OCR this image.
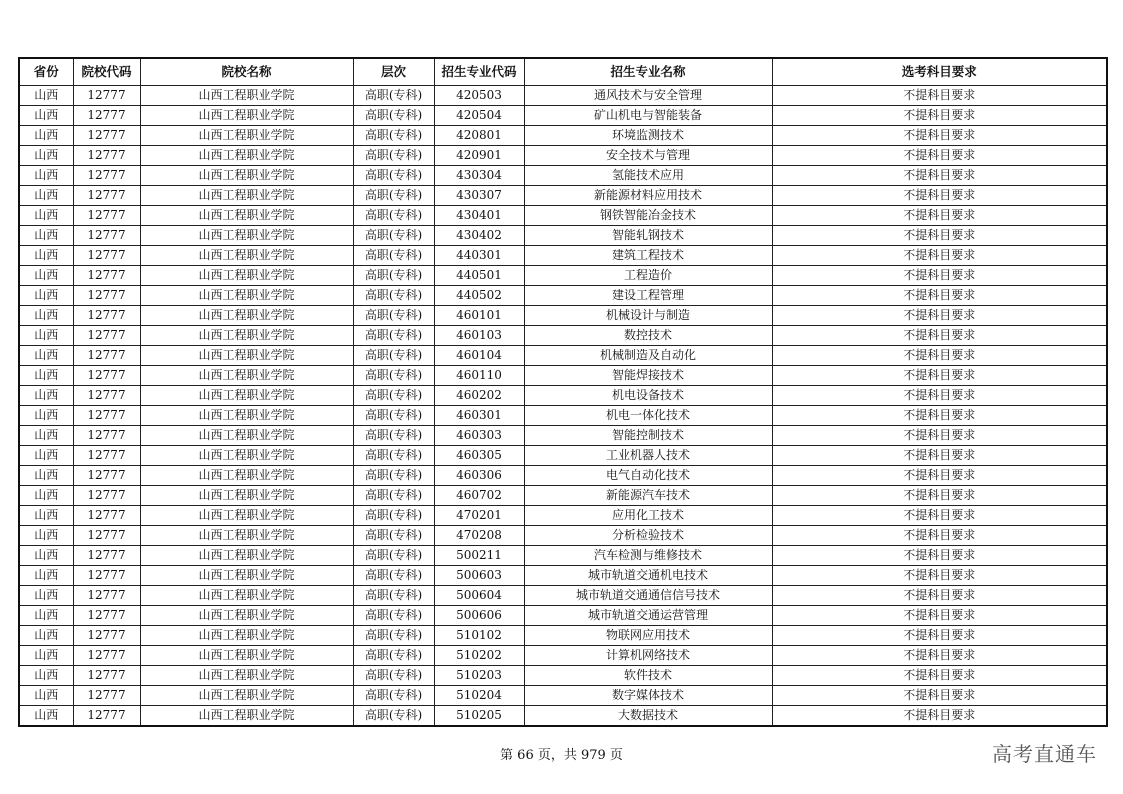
省份	院校代码	院校名称	层次	招生专业代码	招生专业名称	选考科目要求
山西	12777	山西工程职业学院	高职(专科)	420503	通风技术与安全管理	不提科目要求
山西	12777	山西工程职业学院	高职(专科)	420504	矿山机电与智能装备	不提科目要求
山西	12777	山西工程职业学院	高职(专科)	420801	环境监测技术	不提科目要求
山西	12777	山西工程职业学院	高职(专科)	420901	安全技术与管理	不提科目要求
山西	12777	山西工程职业学院	高职(专科)	430304	氢能技术应用	不提科目要求
山西	12777	山西工程职业学院	高职(专科)	430307	新能源材料应用技术	不提科目要求
山西	12777	山西工程职业学院	高职(专科)	430401	钢铁智能冶金技术	不提科目要求
山西	12777	山西工程职业学院	高职(专科)	430402	智能轧钢技术	不提科目要求
山西	12777	山西工程职业学院	高职(专科)	440301	建筑工程技术	不提科目要求
山西	12777	山西工程职业学院	高职(专科)	440501	工程造价	不提科目要求
山西	12777	山西工程职业学院	高职(专科)	440502	建设工程管理	不提科目要求
山西	12777	山西工程职业学院	高职(专科)	460101	机械设计与制造	不提科目要求
山西	12777	山西工程职业学院	高职(专科)	460103	数控技术	不提科目要求
山西	12777	山西工程职业学院	高职(专科)	460104	机械制造及自动化	不提科目要求
山西	12777	山西工程职业学院	高职(专科)	460110	智能焊接技术	不提科目要求
山西	12777	山西工程职业学院	高职(专科)	460202	机电设备技术	不提科目要求
山西	12777	山西工程职业学院	高职(专科)	460301	机电一体化技术	不提科目要求
山西	12777	山西工程职业学院	高职(专科)	460303	智能控制技术	不提科目要求
山西	12777	山西工程职业学院	高职(专科)	460305	工业机器人技术	不提科目要求
山西	12777	山西工程职业学院	高职(专科)	460306	电气自动化技术	不提科目要求
山西	12777	山西工程职业学院	高职(专科)	460702	新能源汽车技术	不提科目要求
山西	12777	山西工程职业学院	高职(专科)	470201	应用化工技术	不提科目要求
山西	12777	山西工程职业学院	高职(专科)	470208	分析检验技术	不提科目要求
山西	12777	山西工程职业学院	高职(专科)	500211	汽车检测与维修技术	不提科目要求
山西	12777	山西工程职业学院	高职(专科)	500603	城市轨道交通机电技术	不提科目要求
山西	12777	山西工程职业学院	高职(专科)	500604	城市轨道交通通信信号技术	不提科目要求
山西	12777	山西工程职业学院	高职(专科)	500606	城市轨道交通运营管理	不提科目要求
山西	12777	山西工程职业学院	高职(专科)	510102	物联网应用技术	不提科目要求
山西	12777	山西工程职业学院	高职(专科)	510202	计算机网络技术	不提科目要求
山西	12777	山西工程职业学院	高职(专科)	510203	软件技术	不提科目要求
山西	12777	山西工程职业学院	高职(专科)	510204	数字媒体技术	不提科目要求
山西	12777	山西工程职业学院	高职(专科)	510205	大数据技术	不提科目要求
第 66 页，共 979 页	高考直通车
